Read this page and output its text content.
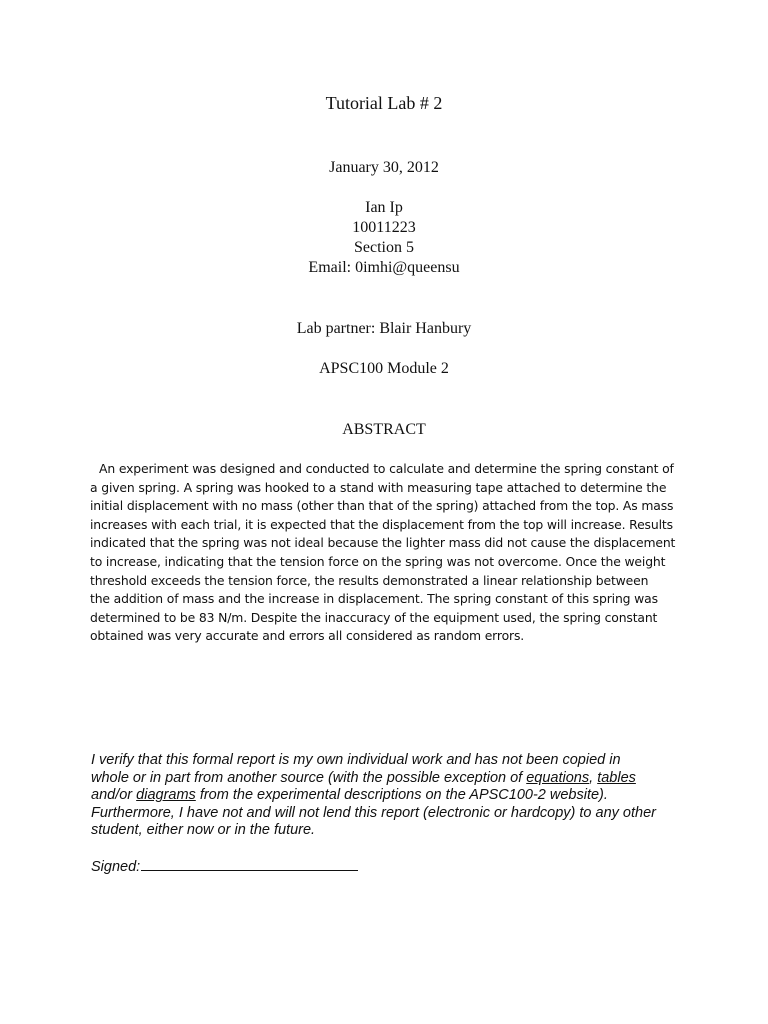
Tutorial Lab # 2
January 30, 2012
Ian Ip
10011223
Section 5
Email: 0imhi@queensu
Lab partner: Blair Hanbury
APSC100 Module 2
ABSTRACT
An experiment was designed and conducted to calculate and determine the spring constant of
a given spring. A spring was hooked to a stand with measuring tape attached to determine the
initial displacement with no mass (other than that of the spring) attached from the top. As mass
increases with each trial, it is expected that the displacement from the top will increase. Results
indicated that the spring was not ideal because the lighter mass did not cause the displacement
to increase, indicating that the tension force on the spring was not overcome. Once the weight
threshold exceeds the tension force, the results demonstrated a linear relationship between
the addition of mass and the increase in displacement. The spring constant of this spring was
determined to be 83 N/m. Despite the inaccuracy of the equipment used, the spring constant
obtained was very accurate and errors all considered as random errors.
I verify that this formal report is my own individual work and has not been copied in
whole or in part from another source (with the possible exception of equations, tables
and/or diagrams from the experimental descriptions on the APSC100-2 website).
Furthermore, I have not and will not lend this report (electronic or hardcopy) to any other
student, either now or in the future.
Signed:
